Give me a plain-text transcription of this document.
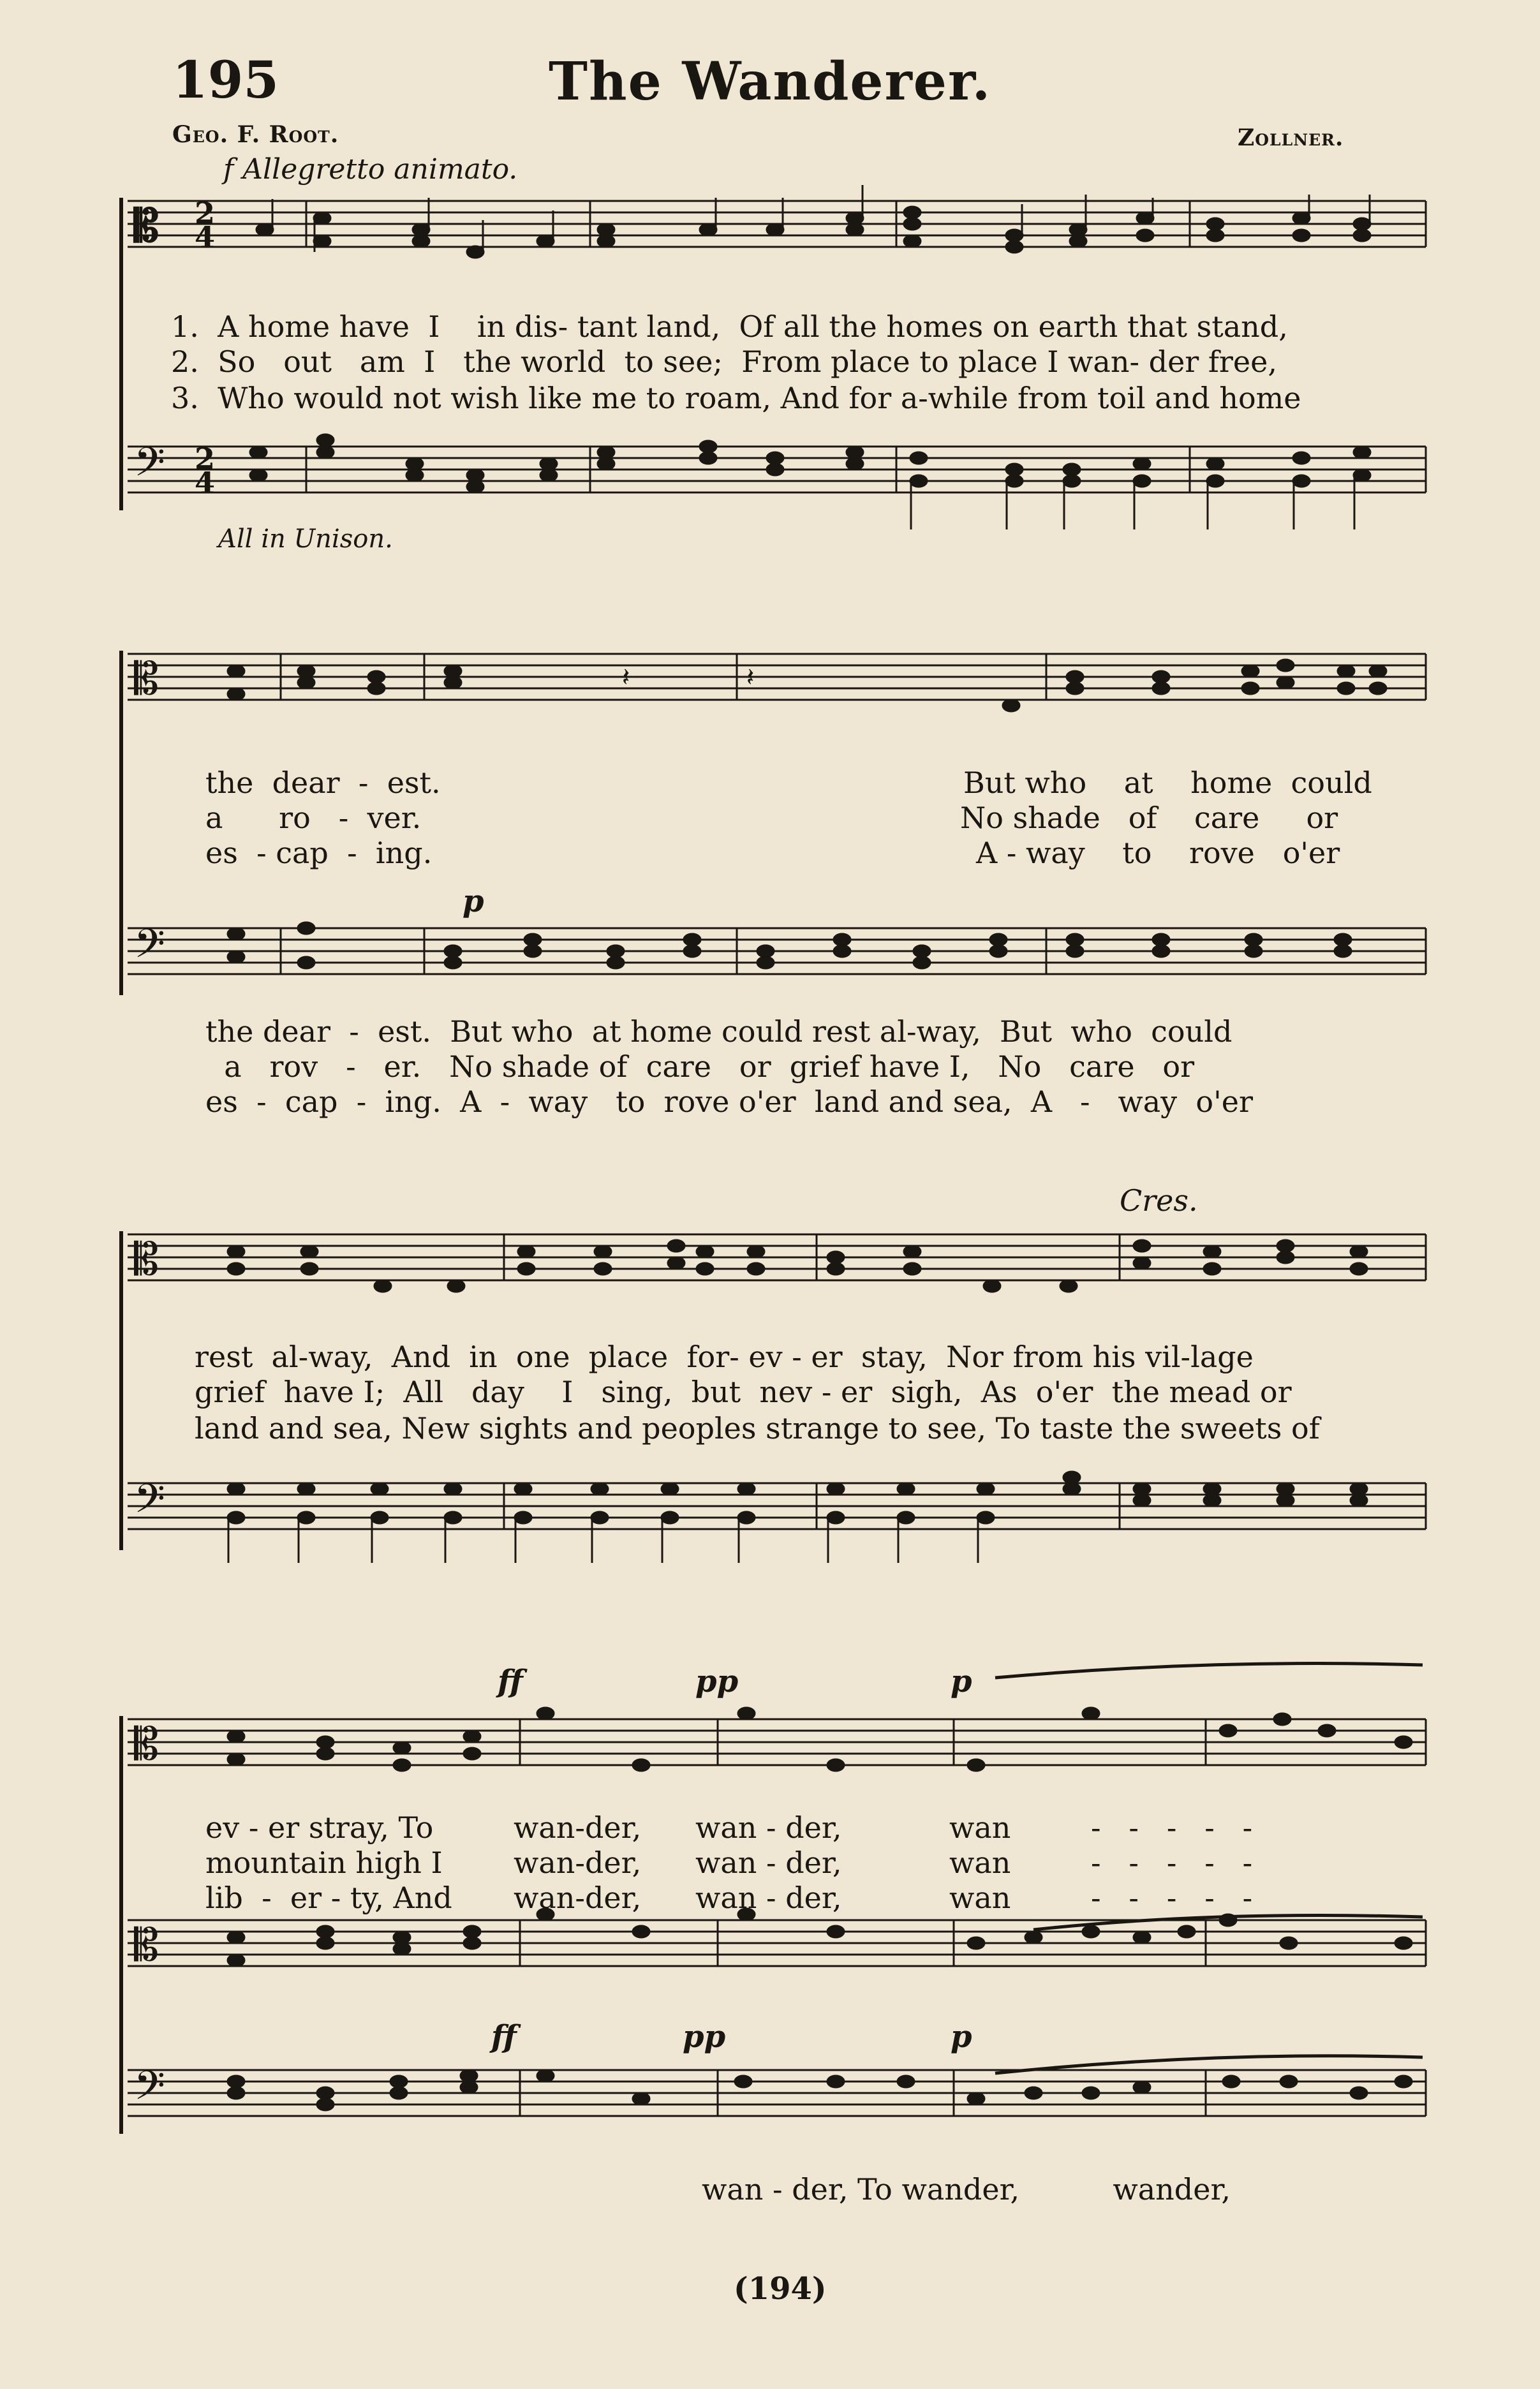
195	The Wanderer.
Geo. F. Root.	Zollner.
f Allegretto animato.
𝄡 2
4
𝄢 2
4
𝄡
𝄢
𝄽	𝄽
𝄡
𝄢
𝄡
𝄡
𝄢
1.  A home have  I    in dis- tant land,  Of all the homes on earth that stand,
2.  So   out   am  I   the world  to see;  From place to place I wan- der free,
3.  Who would not wish like me to roam, And for a-while from toil and home
All in Unison.
the  dear  -  est.
a      ro   -  ver.
es  - cap  -  ing.
But who    at    home  could
No shade   of    care     or
A - way    to    rove   o'er
p
the dear  -  est.  But who  at home could rest al-way,  But  who  could
a   rov   -   er.   No shade of  care   or  grief have I,   No   care   or
es  -  cap  -  ing.  A  -  way   to  rove o'er  land and sea,  A   -   way  o'er
Cres.
rest  al-way,  And  in  one  place  for- ev - er  stay,  Nor from his vil-lage
grief  have I;  All   day    I   sing,  but  nev - er  sigh,  As  o'er  the mead or
land and sea, New sights and peoples strange to see, To taste the sweets of
ff	pp	p
ff	pp	p
ev - er stray, To	wan-der, wan - der,	wan	-   -   -   -   -
mountain high I wan-der, wan - der,	wan	-   -   -   -   -
lib  -  er - ty, And wan-der, wan - der,	wan	-   -   -   -   -
wan - der, To wander,          wander,
(194)
